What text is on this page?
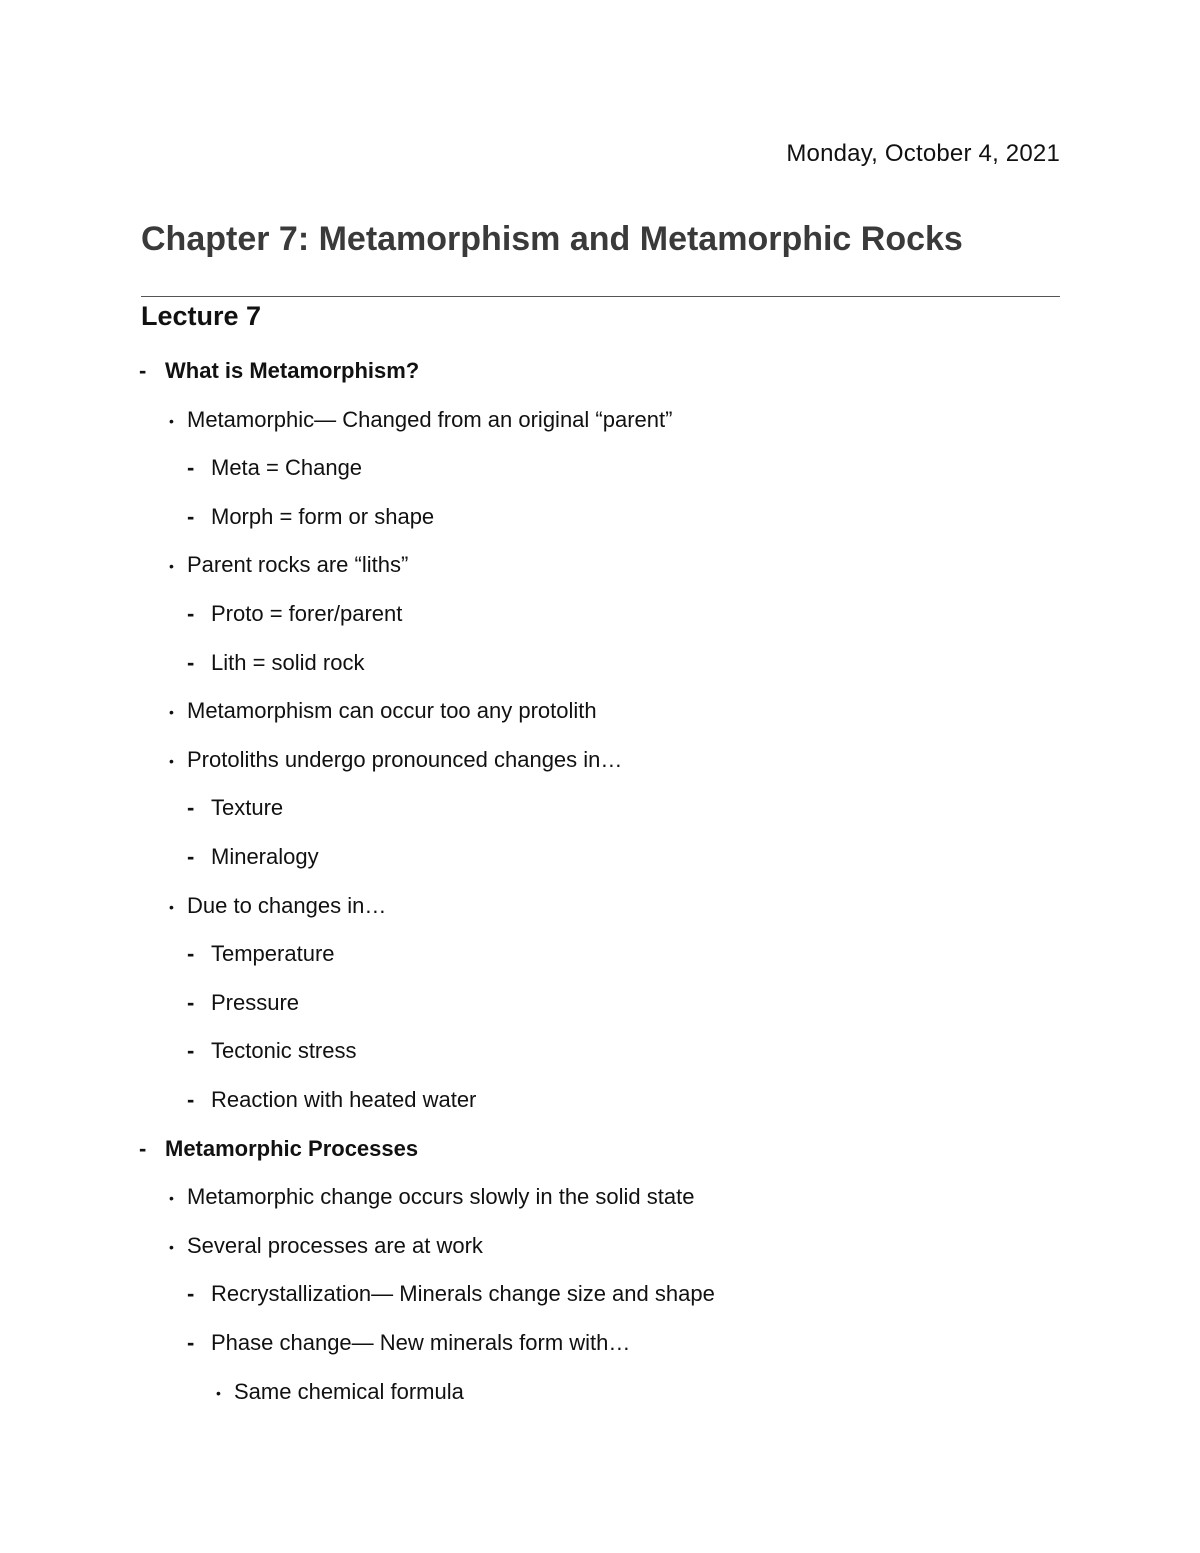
Monday, October 4, 2021
Chapter 7: Metamorphism and Metamorphic Rocks
Lecture 7
- What is Metamorphism?
• Metamorphic— Changed from an original “parent”
- Meta = Change
- Morph = form or shape
• Parent rocks are “liths”
- Proto = forer/parent
- Lith = solid rock
• Metamorphism can occur too any protolith
• Protoliths undergo pronounced changes in…
- Texture
- Mineralogy
• Due to changes in…
- Temperature
- Pressure
- Tectonic stress
- Reaction with heated water
- Metamorphic Processes
• Metamorphic change occurs slowly in the solid state
• Several processes are at work
- Recrystallization— Minerals change size and shape
- Phase change— New minerals form with…
• Same chemical formula
